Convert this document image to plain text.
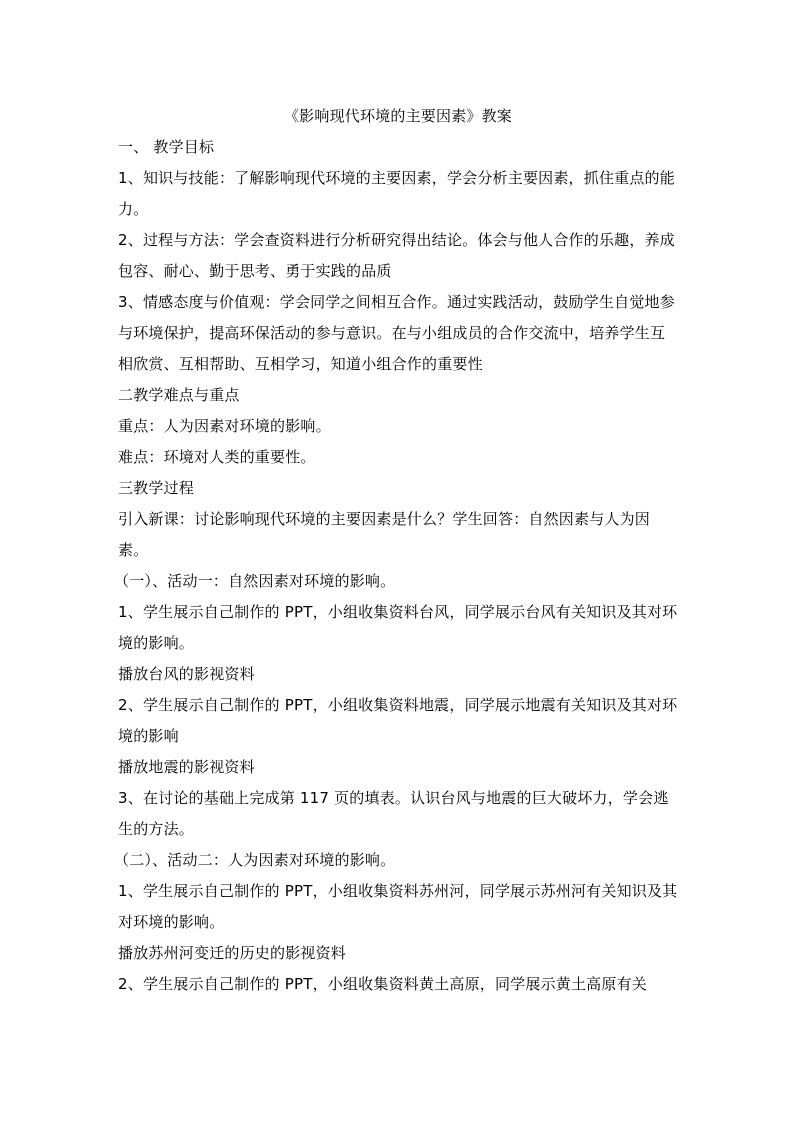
《影响现代环境的主要因素》教案

一、 教学目标

1、知识与技能：了解影响现代环境的主要因素，学会分析主要因素，抓住重点的能力。

2、过程与方法：学会查资料进行分析研究得出结论。体会与他人合作的乐趣，养成包容、耐心、勤于思考、勇于实践的品质

3、情感态度与价值观：学会同学之间相互合作。通过实践活动，鼓励学生自觉地参与环境保护，提高环保活动的参与意识。在与小组成员的合作交流中，培养学生互相欣赏、互相帮助、互相学习，知道小组合作的重要性

二教学难点与重点

重点：人为因素对环境的影响。

难点：环境对人类的重要性。

三教学过程

引入新课：讨论影响现代环境的主要因素是什么？学生回答：自然因素与人为因素。

（一）、活动一：自然因素对环境的影响。

1、学生展示自己制作的 PPT，小组收集资料台风，同学展示台风有关知识及其对环境的影响。

播放台风的影视资料

2、学生展示自己制作的 PPT，小组收集资料地震，同学展示地震有关知识及其对环境的影响

播放地震的影视资料

3、在讨论的基础上完成第 117 页的填表。认识台风与地震的巨大破坏力，学会逃生的方法。

（二）、活动二：人为因素对环境的影响。

1、学生展示自己制作的 PPT，小组收集资料苏州河，同学展示苏州河有关知识及其对环境的影响。

播放苏州河变迁的历史的影视资料

2、学生展示自己制作的 PPT，小组收集资料黄土高原，同学展示黄土高原有关
